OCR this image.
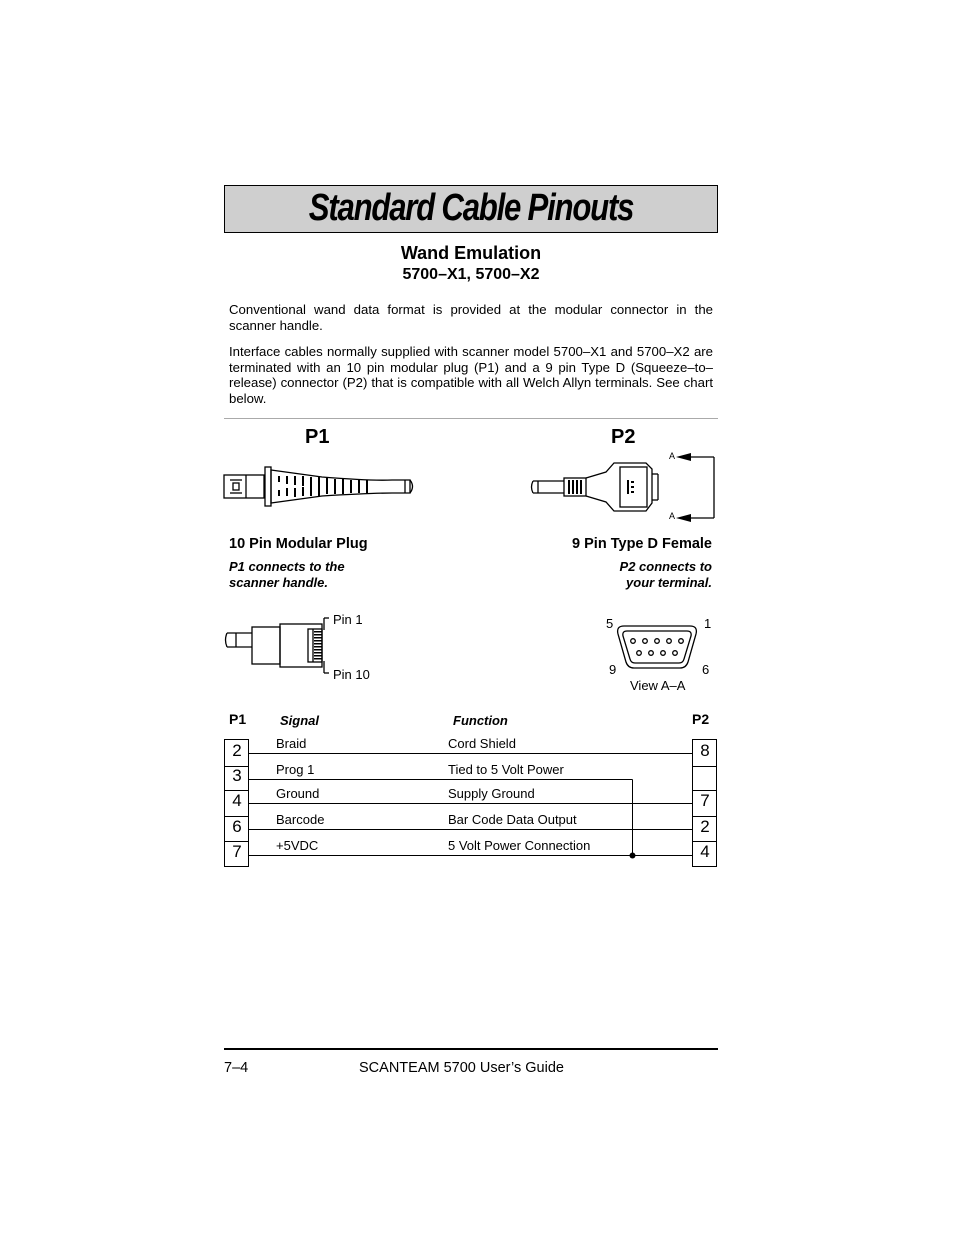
Standard Cable Pinouts
Wand Emulation
5700–X1, 5700–X2
Conventional wand data format is provided at the modular connector in the scanner handle.
Interface cables normally supplied with scanner model 5700–X1 and 5700–X2 are terminated with an 10 pin modular plug (P1) and a 9 pin Type D (Squeeze–to–release) connector (P2) that is compatible with all Welch Allyn terminals. See chart below.
P1	P2
A
A
10 Pin Modular Plug	9 Pin Type D Female
P1 connects to the
scanner handle.
P2 connects to
your terminal.
Pin 1
Pin 10
5	1
9	6
View A–A
P1	Signal	Function	P2
2	Braid	Cord Shield	8
3	Prog 1	Tied to 5 Volt Power
4	Ground	Supply Ground	7
6	Barcode	Bar Code Data Output	2
7	+5VDC	5 Volt Power Connection	4
7–4	SCANTEAM 5700 User’s Guide
